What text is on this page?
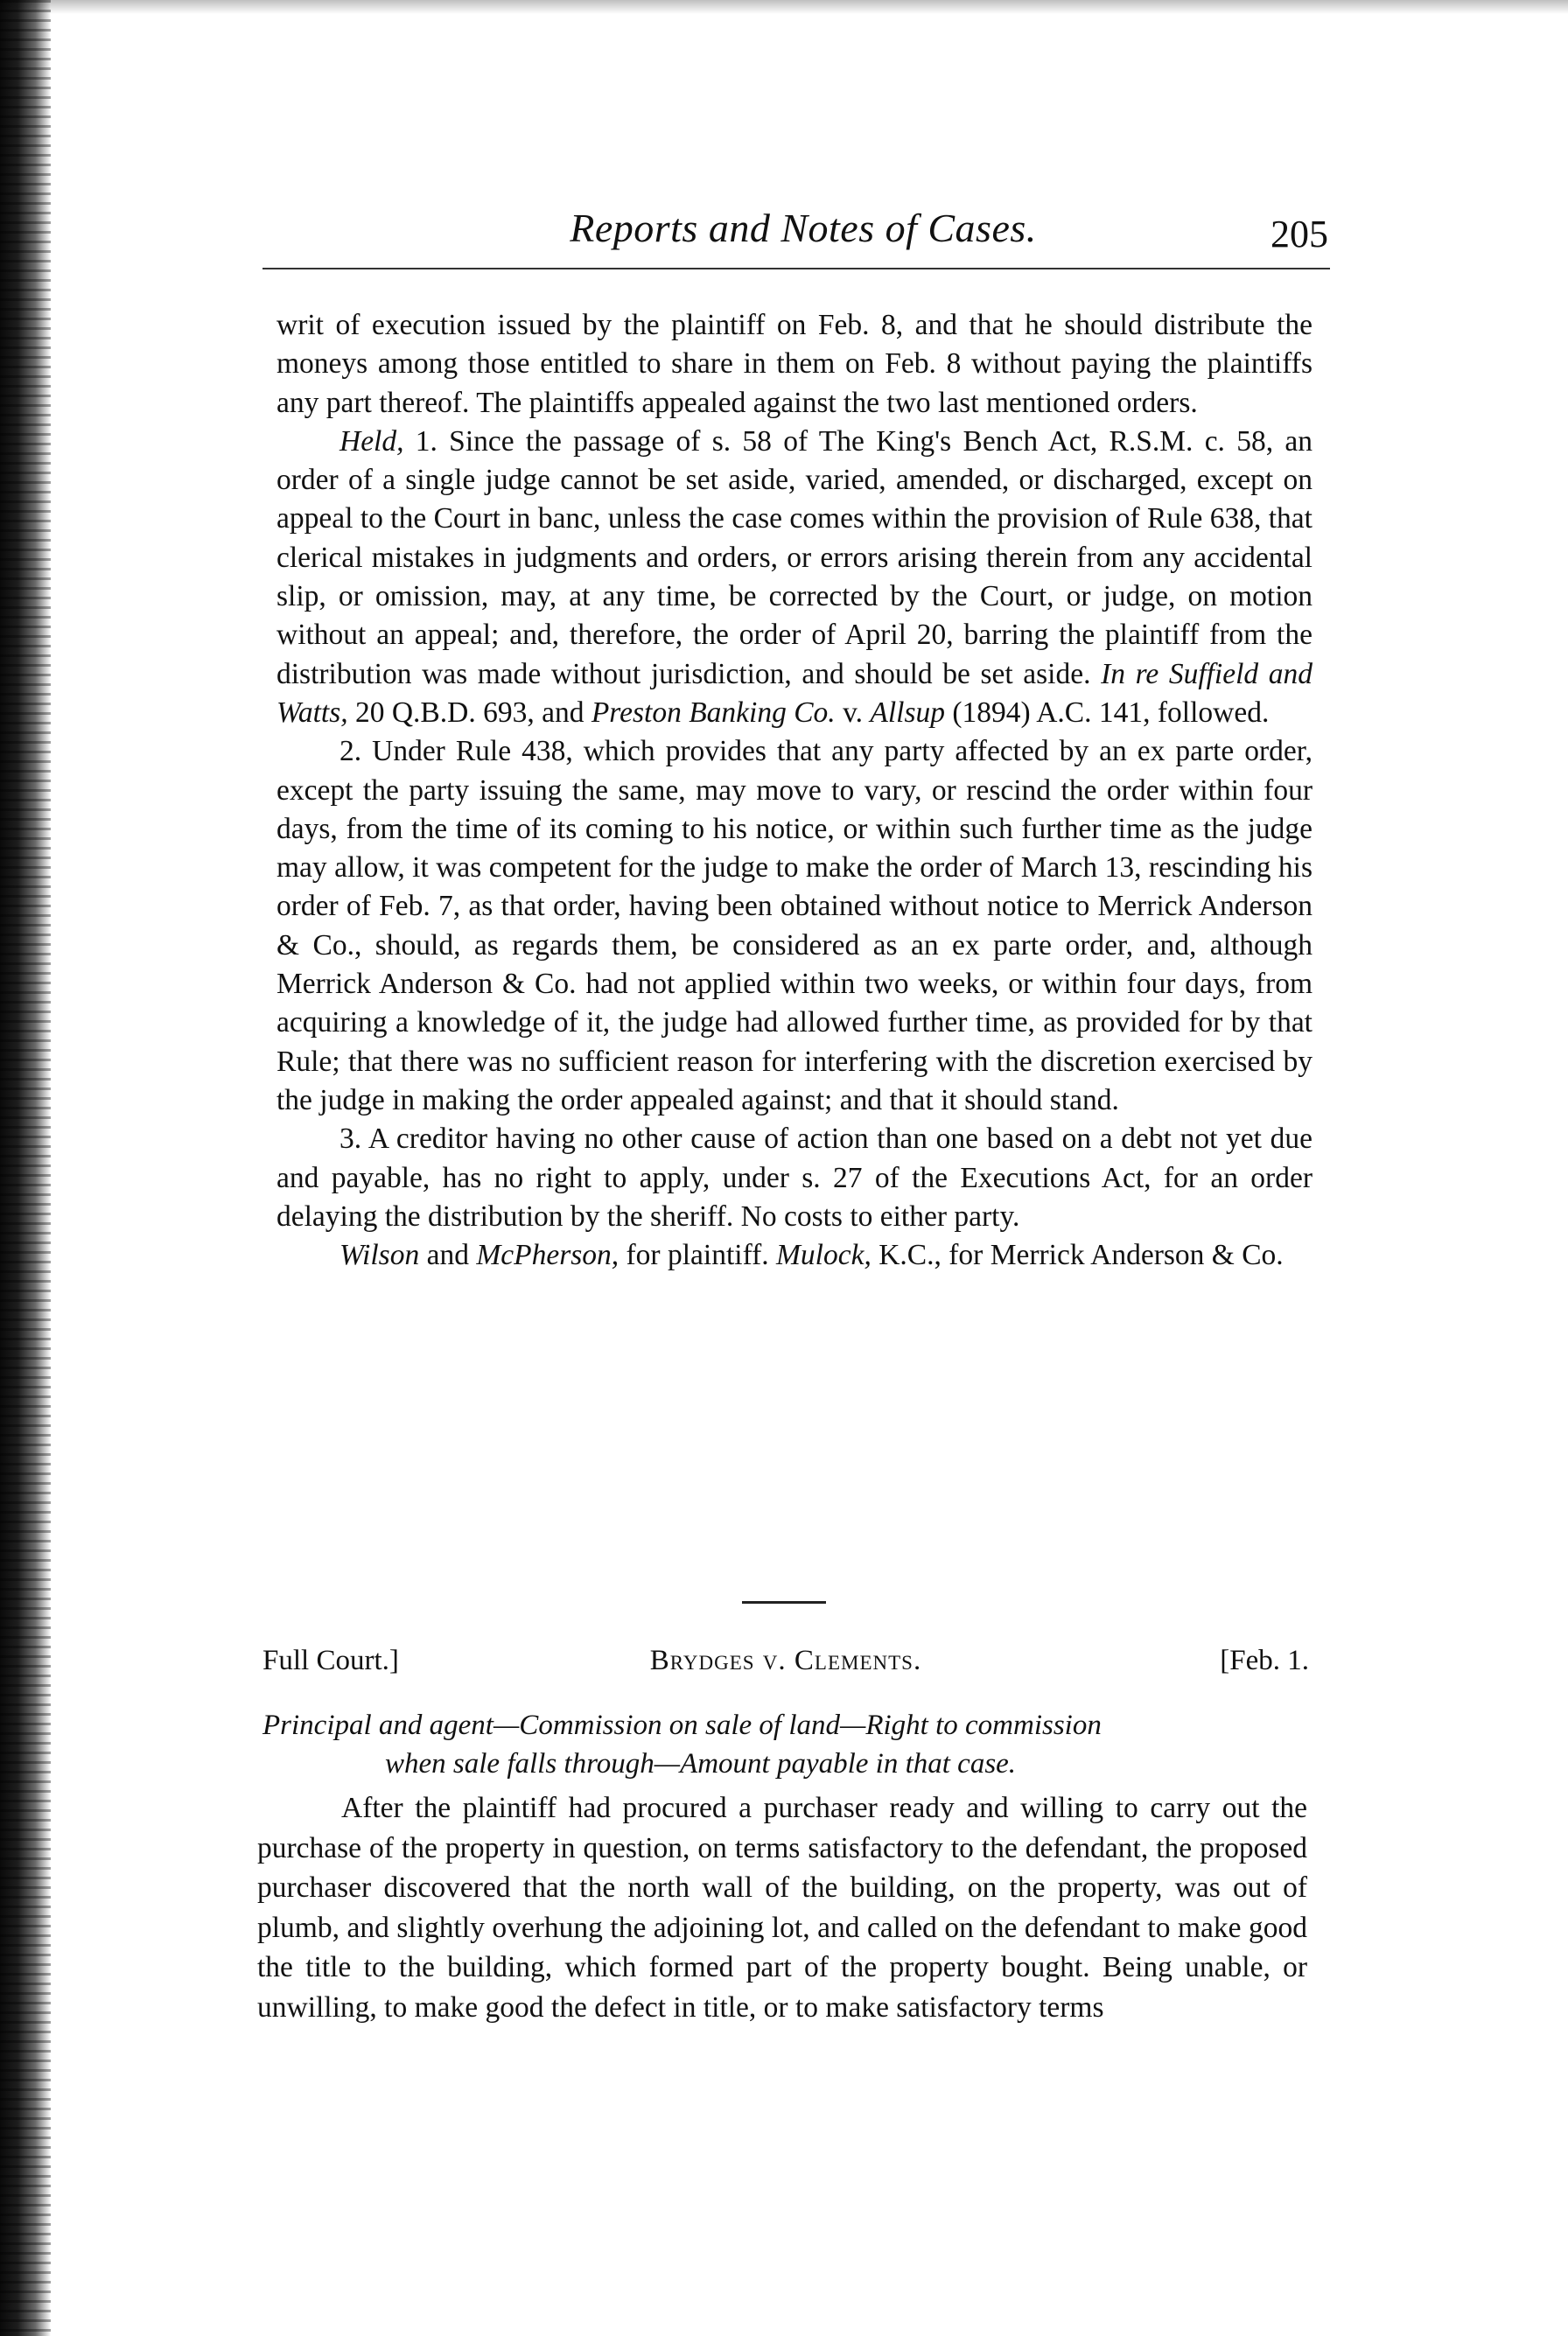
Reports and Notes of Cases.	205

writ of execution issued by the plaintiff on Feb. 8, and that he should distribute the moneys among those entitled to share in them on Feb. 8 without paying the plaintiffs any part thereof. The plaintiffs appealed against the two last mentioned orders.

Held, 1. Since the passage of s. 58 of The King's Bench Act, R.S.M. c. 58, an order of a single judge cannot be set aside, varied, amended, or discharged, except on appeal to the Court in banc, unless the case comes within the provision of Rule 638, that clerical mistakes in judgments and orders, or errors arising therein from any accidental slip, or omission, may, at any time, be corrected by the Court, or judge, on motion without an appeal; and, therefore, the order of April 20, barring the plaintiff from the distribution was made without jurisdiction, and should be set aside. In re Suffield and Watts, 20 Q.B.D. 693, and Preston Banking Co. v. Allsup (1894) A.C. 141, followed.

2. Under Rule 438, which provides that any party affected by an ex parte order, except the party issuing the same, may move to vary, or rescind the order within four days, from the time of its coming to his notice, or within such further time as the judge may allow, it was competent for the judge to make the order of March 13, rescinding his order of Feb. 7, as that order, having been obtained without notice to Merrick Anderson & Co., should, as regards them, be considered as an ex parte order, and, although Merrick Anderson & Co. had not applied within two weeks, or within four days, from acquiring a knowledge of it, the judge had allowed further time, as provided for by that Rule; that there was no sufficient reason for interfering with the discretion exercised by the judge in making the order appealed against; and that it should stand.

3. A creditor having no other cause of action than one based on a debt not yet due and payable, has no right to apply, under s. 27 of the Executions Act, for an order delaying the distribution by the sheriff. No costs to either party.

Wilson and McPherson, for plaintiff. Mulock, K.C., for Merrick Anderson & Co.

Full Court.]	Brydges v. Clements.	[Feb. 1.
Principal and agent—Commission on sale of land—Right to commission
when sale falls through—Amount payable in that case.

After the plaintiff had procured a purchaser ready and willing to carry out the purchase of the property in question, on terms satisfactory to the defendant, the proposed purchaser discovered that the north wall of the building, on the property, was out of plumb, and slightly overhung the adjoining lot, and called on the defendant to make good the title to the building, which formed part of the property bought. Being unable, or unwilling, to make good the defect in title, or to make satisfactory terms
